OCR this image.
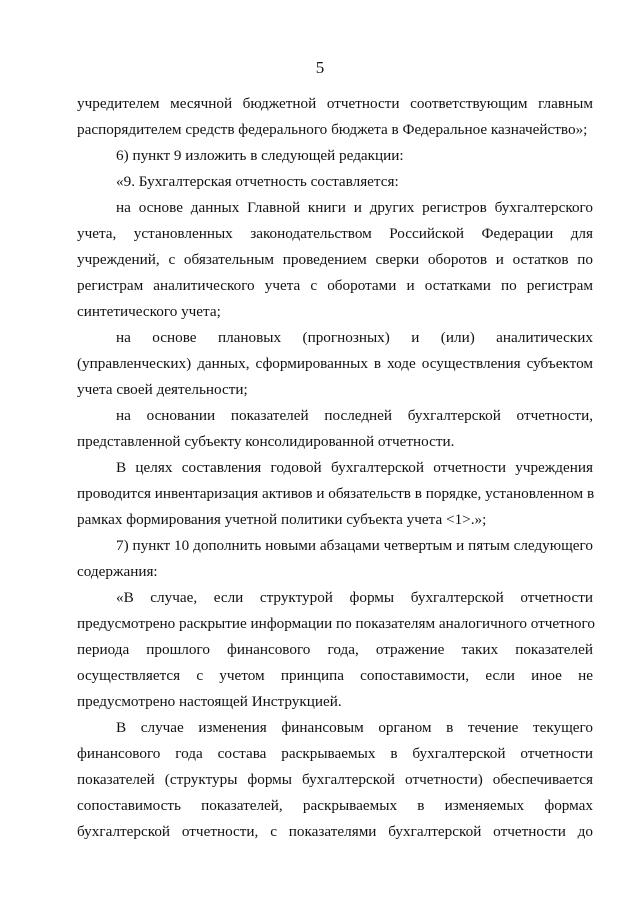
5
учредителем месячной бюджетной отчетности соответствующим главным
распорядителем средств федерального бюджета в Федеральное казначейство»;
6) пункт 9 изложить в следующей редакции:
«9. Бухгалтерская отчетность составляется:
на основе данных Главной книги и других регистров бухгалтерского
учета, установленных законодательством Российской Федерации для
учреждений, с обязательным проведением сверки оборотов и остатков по
регистрам аналитического учета с оборотами и остатками по регистрам
синтетического учета;
на основе плановых (прогнозных) и (или) аналитических
(управленческих) данных, сформированных в ходе осуществления субъектом
учета своей деятельности;
на основании показателей последней бухгалтерской отчетности,
представленной субъекту консолидированной отчетности.
В целях составления годовой бухгалтерской отчетности учреждения
проводится инвентаризация активов и обязательств в порядке, установленном в
рамках формирования учетной политики субъекта учета <1>.»;
7) пункт 10 дополнить новыми абзацами четвертым и пятым следующего
содержания:
«В случае, если структурой формы бухгалтерской отчетности
предусмотрено раскрытие информации по показателям аналогичного отчетного
периода прошлого финансового года, отражение таких показателей
осуществляется с учетом принципа сопоставимости, если иное не
предусмотрено настоящей Инструкцией.
В случае изменения финансовым органом в течение текущего
финансового года состава раскрываемых в бухгалтерской отчетности
показателей (структуры формы бухгалтерской отчетности) обеспечивается
сопоставимость показателей, раскрываемых в изменяемых формах
бухгалтерской отчетности, с показателями бухгалтерской отчетности до
